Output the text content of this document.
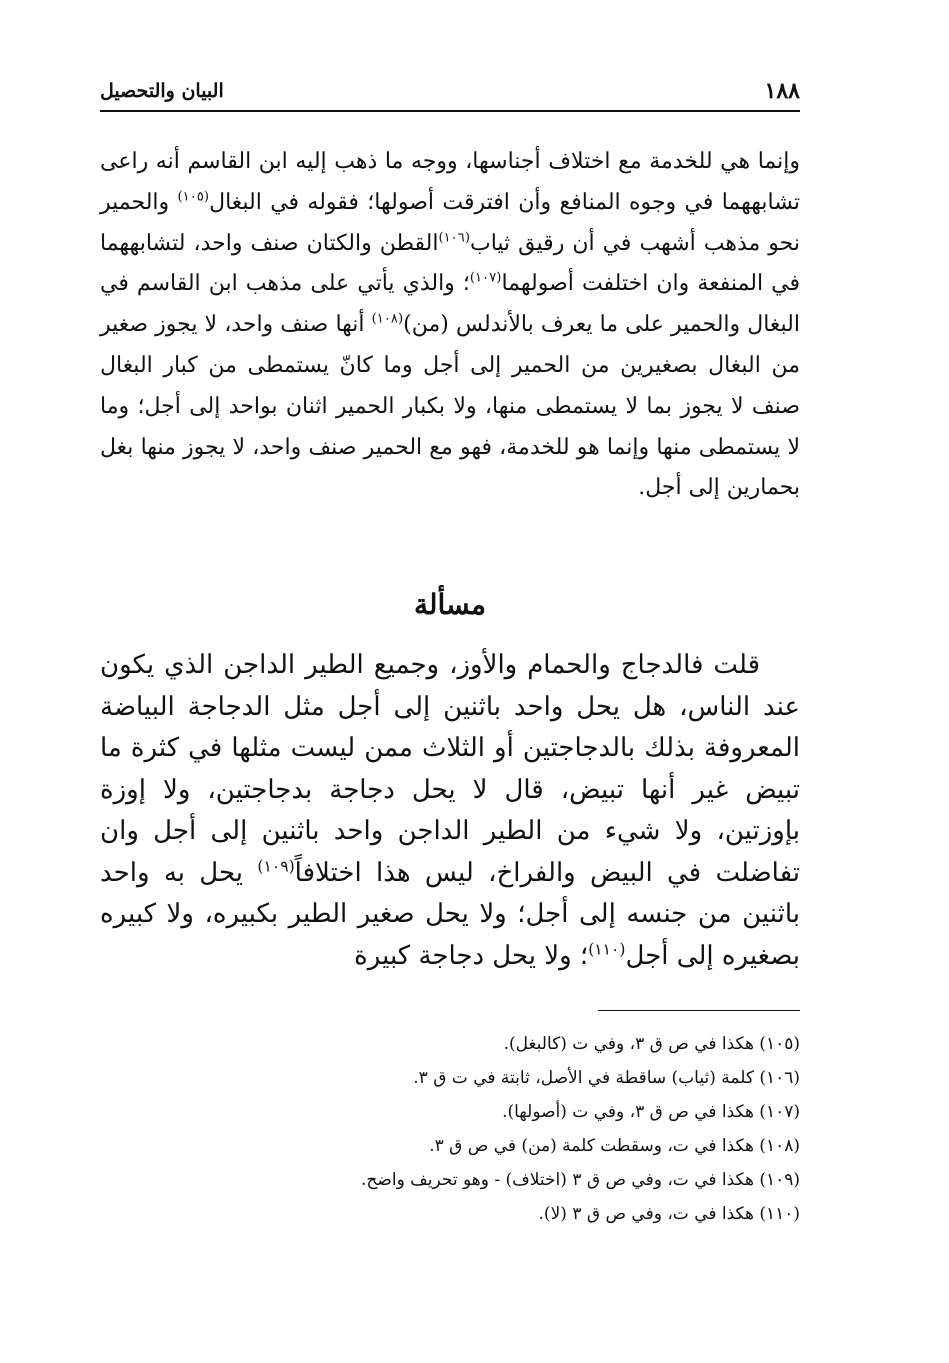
١٨٨
البيان والتحصيل

وإنما هي للخدمة مع اختلاف أجناسها، ووجه ما ذهب إليه ابن القاسم أنه راعى تشابههما في وجوه المنافع وأن افترقت أصولها؛ فقوله في البغال$^{(١٠٥)}$ والحمير نحو مذهب أشهب في أن رقيق ثياب$^{(١٠٦)}$القطن والكتان صنف واحد، لتشابههما في المنفعة وان اختلفت أصولهما$^{(١٠٧)}$؛ والذي يأتي على مذهب ابن القاسم في البغال والحمير على ما يعرف بالأندلس (من)$^{(١٠٨)}$ أنها صنف واحد، لا يجوز صغير من البغال بصغيرين من الحمير إلى أجل وما كانّ يستمطى من كبار البغال صنف لا يجوز بما لا يستمطى منها، ولا بكبار الحمير اثنان بواحد إلى أجل؛ وما لا يستمطى منها وإنما هو للخدمة، فهو مع الحمير صنف واحد، لا يجوز منها بغل بحمارين إلى أجل.

مسألة

قلت فالدجاج والحمام والأوز، وجميع الطير الداجن الذي يكون عند الناس، هل يحل واحد باثنين إلى أجل مثل الدجاجة البياضة المعروفة بذلك بالدجاجتين أو الثلاث ممن ليست مثلها في كثرة ما تبيض غير أنها تبيض، قال لا يحل دجاجة بدجاجتين، ولا إوزة بإوزتين، ولا شيء من الطير الداجن واحد باثنين إلى أجل وان تفاضلت في البيض والفراخ، ليس هذا اختلافاً$^{(١٠٩)}$ يحل به واحد باثنين من جنسه إلى أجل؛ ولا يحل صغير الطير بكبيره، ولا كبيره بصغيره إلى أجل$^{(١١٠)}$؛ ولا يحل دجاجة كبيرة

(١٠٥) هكذا في ص ق ٣، وفي ت (كالبغل).
(١٠٦) كلمة (ثياب) ساقطة في الأصل، ثابتة في ت ق ٣.
(١٠٧) هكذا في ص ق ٣، وفي ت (أصولها).
(١٠٨) هكذا في ت، وسقطت كلمة (من) في ص ق ٣.
(١٠٩) هكذا في ت، وفي ص ق ٣ (اختلاف) - وهو تحريف واضح.
(١١٠) هكذا في ت، وفي ص ق ٣ (لا).
